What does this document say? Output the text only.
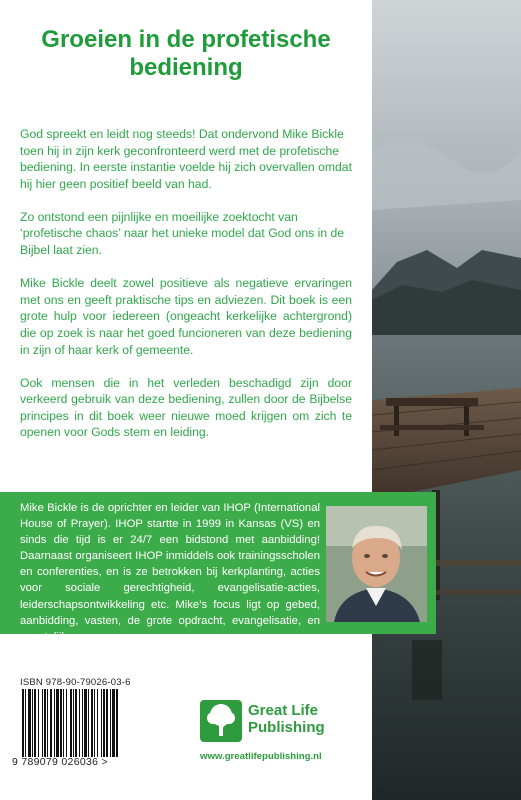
Groeien in de profetische bediening

God spreekt en leidt nog steeds! Dat ondervond Mike Bickle toen hij in zijn kerk geconfronteerd werd met de profetische bediening. In eerste instantie voelde hij zich overvallen omdat hij hier geen positief beeld van had.

Zo ontstond een pijnlijke en moeilijke zoektocht van ‘profetische chaos’ naar het unieke model dat God ons in de Bijbel laat zien.

Mike Bickle deelt zowel positieve als negatieve ervaringen met ons en geeft praktische tips en adviezen. Dit boek is een grote hulp voor iedereen (ongeacht kerkelijke achtergrond) die op zoek is naar het goed funcioneren van deze bediening in zijn of haar kerk of gemeente.

Ook mensen die in het verleden beschadigd zijn door verkeerd gebruik van deze bediening, zullen door de Bijbelse principes in dit boek weer nieuwe moed krijgen om zich te openen voor Gods stem en leiding.

Mike Bickle is de oprichter en leider van IHOP (International House of Prayer). IHOP startte in 1999 in Kansas (VS) en sinds die tijd is er 24/7 een bidstond met aanbidding! Daarnaast organiseert IHOP inmiddels ook trainingsscholen en conferenties, en is ze betrokken bij kerkplanting, acties voor sociale gerechtigheid, evangelisatie-acties, leiderschapsontwikkeling etc. Mike’s focus ligt op gebed, aanbidding, vasten, de grote opdracht, evangelisatie, en geestelijke gaven.

ISBN 978-90-79026-03-6

9 789079 026036 >

Great Life
Publishing

www.greatlifepublishing.nl
